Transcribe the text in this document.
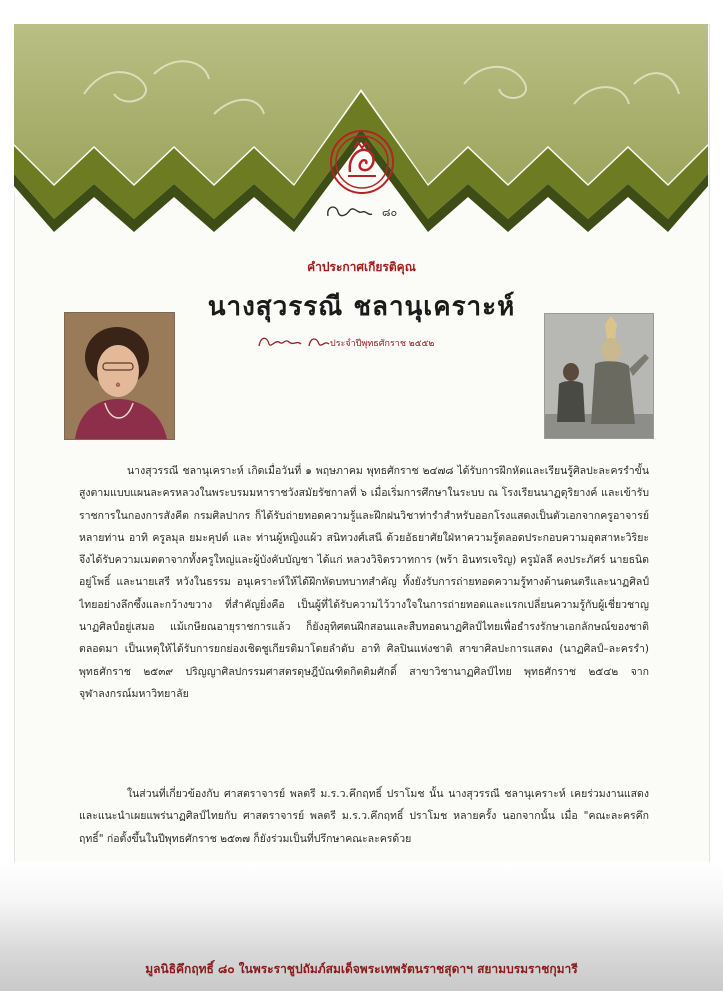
๘๐
คำประกาศเกียรติคุณ
นางสุวรรณี ชลานุเคราะห์
ประจำปีพุทธศักราช ๒๕๕๒

นางสุวรรณี ชลานุเคราะห์ เกิดเมื่อวันที่ ๑ พฤษภาคม พุทธศักราช ๒๔๗๘ ได้รับการฝึกหัดและเรียนรู้ศิลปะละครรำขั้นสูงตามแบบแผนละครหลวงในพระบรมมหาราชวังสมัยรัชกาลที่ ๖ เมื่อเริ่มการศึกษาในระบบ ณ โรงเรียนนาฏดุริยางค์ และเข้ารับราชการในกองการสังคีต กรมศิลปากร ก็ได้รับถ่ายทอดความรู้และฝึกฝนวิชาท่ารำสำหรับออกโรงแสดงเป็นตัวเอกจากครูอาจารย์หลายท่าน อาทิ ครูลมุล ยมะคุปต์ และ ท่านผู้หญิงแผ้ว สนิทวงศ์เสนี ด้วยอัธยาศัยใฝ่หาความรู้ตลอดประกอบความอุตสาหะวิริยะ จึงได้รับความเมตตาจากทั้งครูใหญ่และผู้บังคับบัญชา ได้แก่ หลวงวิจิตรวาทการ (พร้า อินทรเจริญ) ครูมัลลี คงประภัศร์ นายธนิต อยู่โพธิ์ และนายเสรี หวังในธรรม อนุเคราะห์ให้ได้ฝึกหัดบทบาทสำคัญ ทั้งยังรับการถ่ายทอดความรู้ทางด้านดนตรีและนาฏศิลป์ไทยอย่างลึกซึ้งและกว้างขวาง ที่สำคัญยิ่งคือ เป็นผู้ที่ได้รับความไว้วางใจในการถ่ายทอดและแรกเปลี่ยนความรู้กับผู้เชี่ยวชาญนาฏศิลป์อยู่เสมอ แม้เกษียณอายุราชการแล้ว ก็ยังอุทิศตนฝึกสอนและสืบทอดนาฏศิลป์ไทยเพื่อธำรงรักษาเอกลักษณ์ของชาติตลอดมา เป็นเหตุให้ได้รับการยกย่องเชิดชูเกียรติมาโดยลำดับ อาทิ ศิลปินแห่งชาติ สาขาศิลปะการแสดง (นาฏศิลป์–ละครรำ) พุทธศักราช ๒๕๓๙ ปริญญาศิลปกรรมศาสตรดุษฎีบัณฑิตกิตติมศักดิ์ สาขาวิชานาฏศิลป์ไทย พุทธศักราช ๒๕๔๒ จาก จุฬาลงกรณ์มหาวิทยาลัย

ในส่วนที่เกี่ยวข้องกับ ศาสตราจารย์ พลตรี ม.ร.ว.คึกฤทธิ์ ปราโมช นั้น นางสุวรรณี ชลานุเคราะห์ เคยร่วมงานแสดงและแนะนำเผยแพร่นาฏศิลป์ไทยกับ ศาสตราจารย์ พลตรี ม.ร.ว.คึกฤทธิ์ ปราโมช หลายครั้ง นอกจากนั้น เมื่อ "คณะละครคึกฤทธิ์" ก่อตั้งขึ้นในปีพุทธศักราช ๒๕๓๗ ก็ยังร่วมเป็นที่ปรึกษาคณะละครด้วย

มูลนิธิคึกฤทธิ์ ๘๐ ในพระราชูปถัมภ์สมเด็จพระเทพรัตนราชสุดาฯ สยามบรมราชกุมารี
